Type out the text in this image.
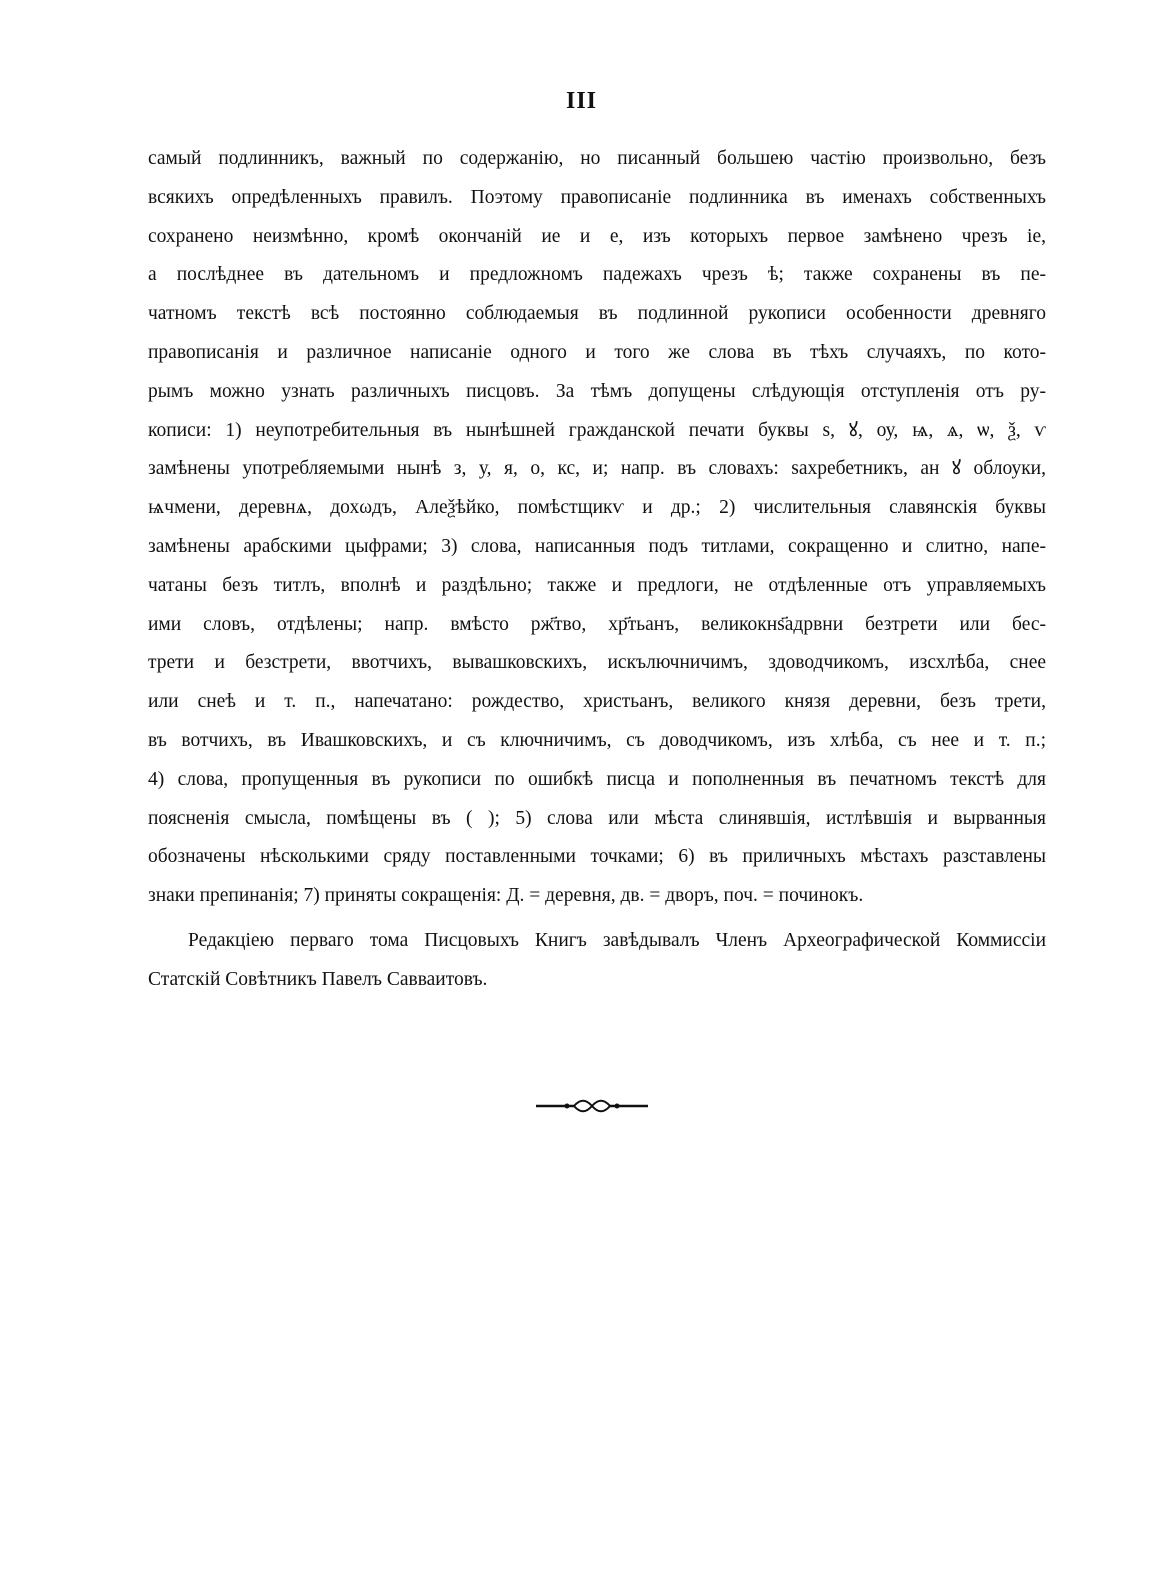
III
самый подлинникъ, важный по содержанію, но писанный большею частію произвольно, безъ
всякихъ опредѣленныхъ правилъ. Поэтому правописаніе подлинника въ именахъ собственныхъ
сохранено неизмѣнно, кромѣ окончаній ие и е, изъ которыхъ первое замѣнено чрезъ іе,
а послѣднее въ дательномъ и предложномъ падежахъ чрезъ ѣ; также сохранены въ пе-
чатномъ текстѣ всѣ постоянно соблюдаемыя въ подлинной рукописи особенности древняго
правописанія и различное написаніе одного и того же слова въ тѣхъ случаяхъ, по кото-
рымъ можно узнать различныхъ писцовъ. За тѣмъ допущены слѣдующія отступленія отъ ру-
кописи: 1) неупотребительныя въ нынѣшней гражданской печати буквы ѕ, ꙋ, оу, ѩ, ѧ, ѡ, ѯ, ѵ
замѣнены употребляемыми нынѣ з, у, я, о, кс, и; напр. въ словахъ: ѕахребетникъ, ан ꙋ облоуки,
ѩчмени, деревнѧ, дохωдъ, Алеѯѣйко, помѣстщикѵ и др.; 2) числительныя славянскія буквы
замѣнены арабскими цыфрами; 3) слова, написанныя подъ титлами, сокращенно и слитно, напе-
чатаны безъ титлъ, вполнѣ и раздѣльно; также и предлоги, не отдѣленные отъ управляемыхъ
ими словъ, отдѣлены; напр. вмѣсто рж҃тво, хр҃тьанъ, великокнѕ҃адрвни безтрети или бес-
трети и безстрети, ввотчихъ, вывашковскихъ, искълючничимъ, здоводчикомъ, изсхлѣба, снее
или снеѣ и т. п., напечатано: рождество, христьанъ, великого князя деревни, безъ трети,
въ вотчихъ, въ Ивашковскихъ, и съ ключничимъ, съ доводчикомъ, изъ хлѣба, съ нее и т. п.;
4) слова, пропущенныя въ рукописи по ошибкѣ писца и пополненныя въ печатномъ текстѣ для
поясненія смысла, помѣщены въ ( ); 5) слова или мѣста слинявшія, истлѣвшія и вырванныя
обозначены нѣсколькими сряду поставленными точками; 6) въ приличныхъ мѣстахъ разставлены
знаки препинанія; 7) приняты сокращенія: Д. = деревня, дв. = дворъ, поч. = починокъ.
Редакціею перваго тома Писцовыхъ Книгъ завѣдывалъ Членъ Археографической Коммиссіи
Статскій Совѣтникъ Павелъ Савваитовъ.
